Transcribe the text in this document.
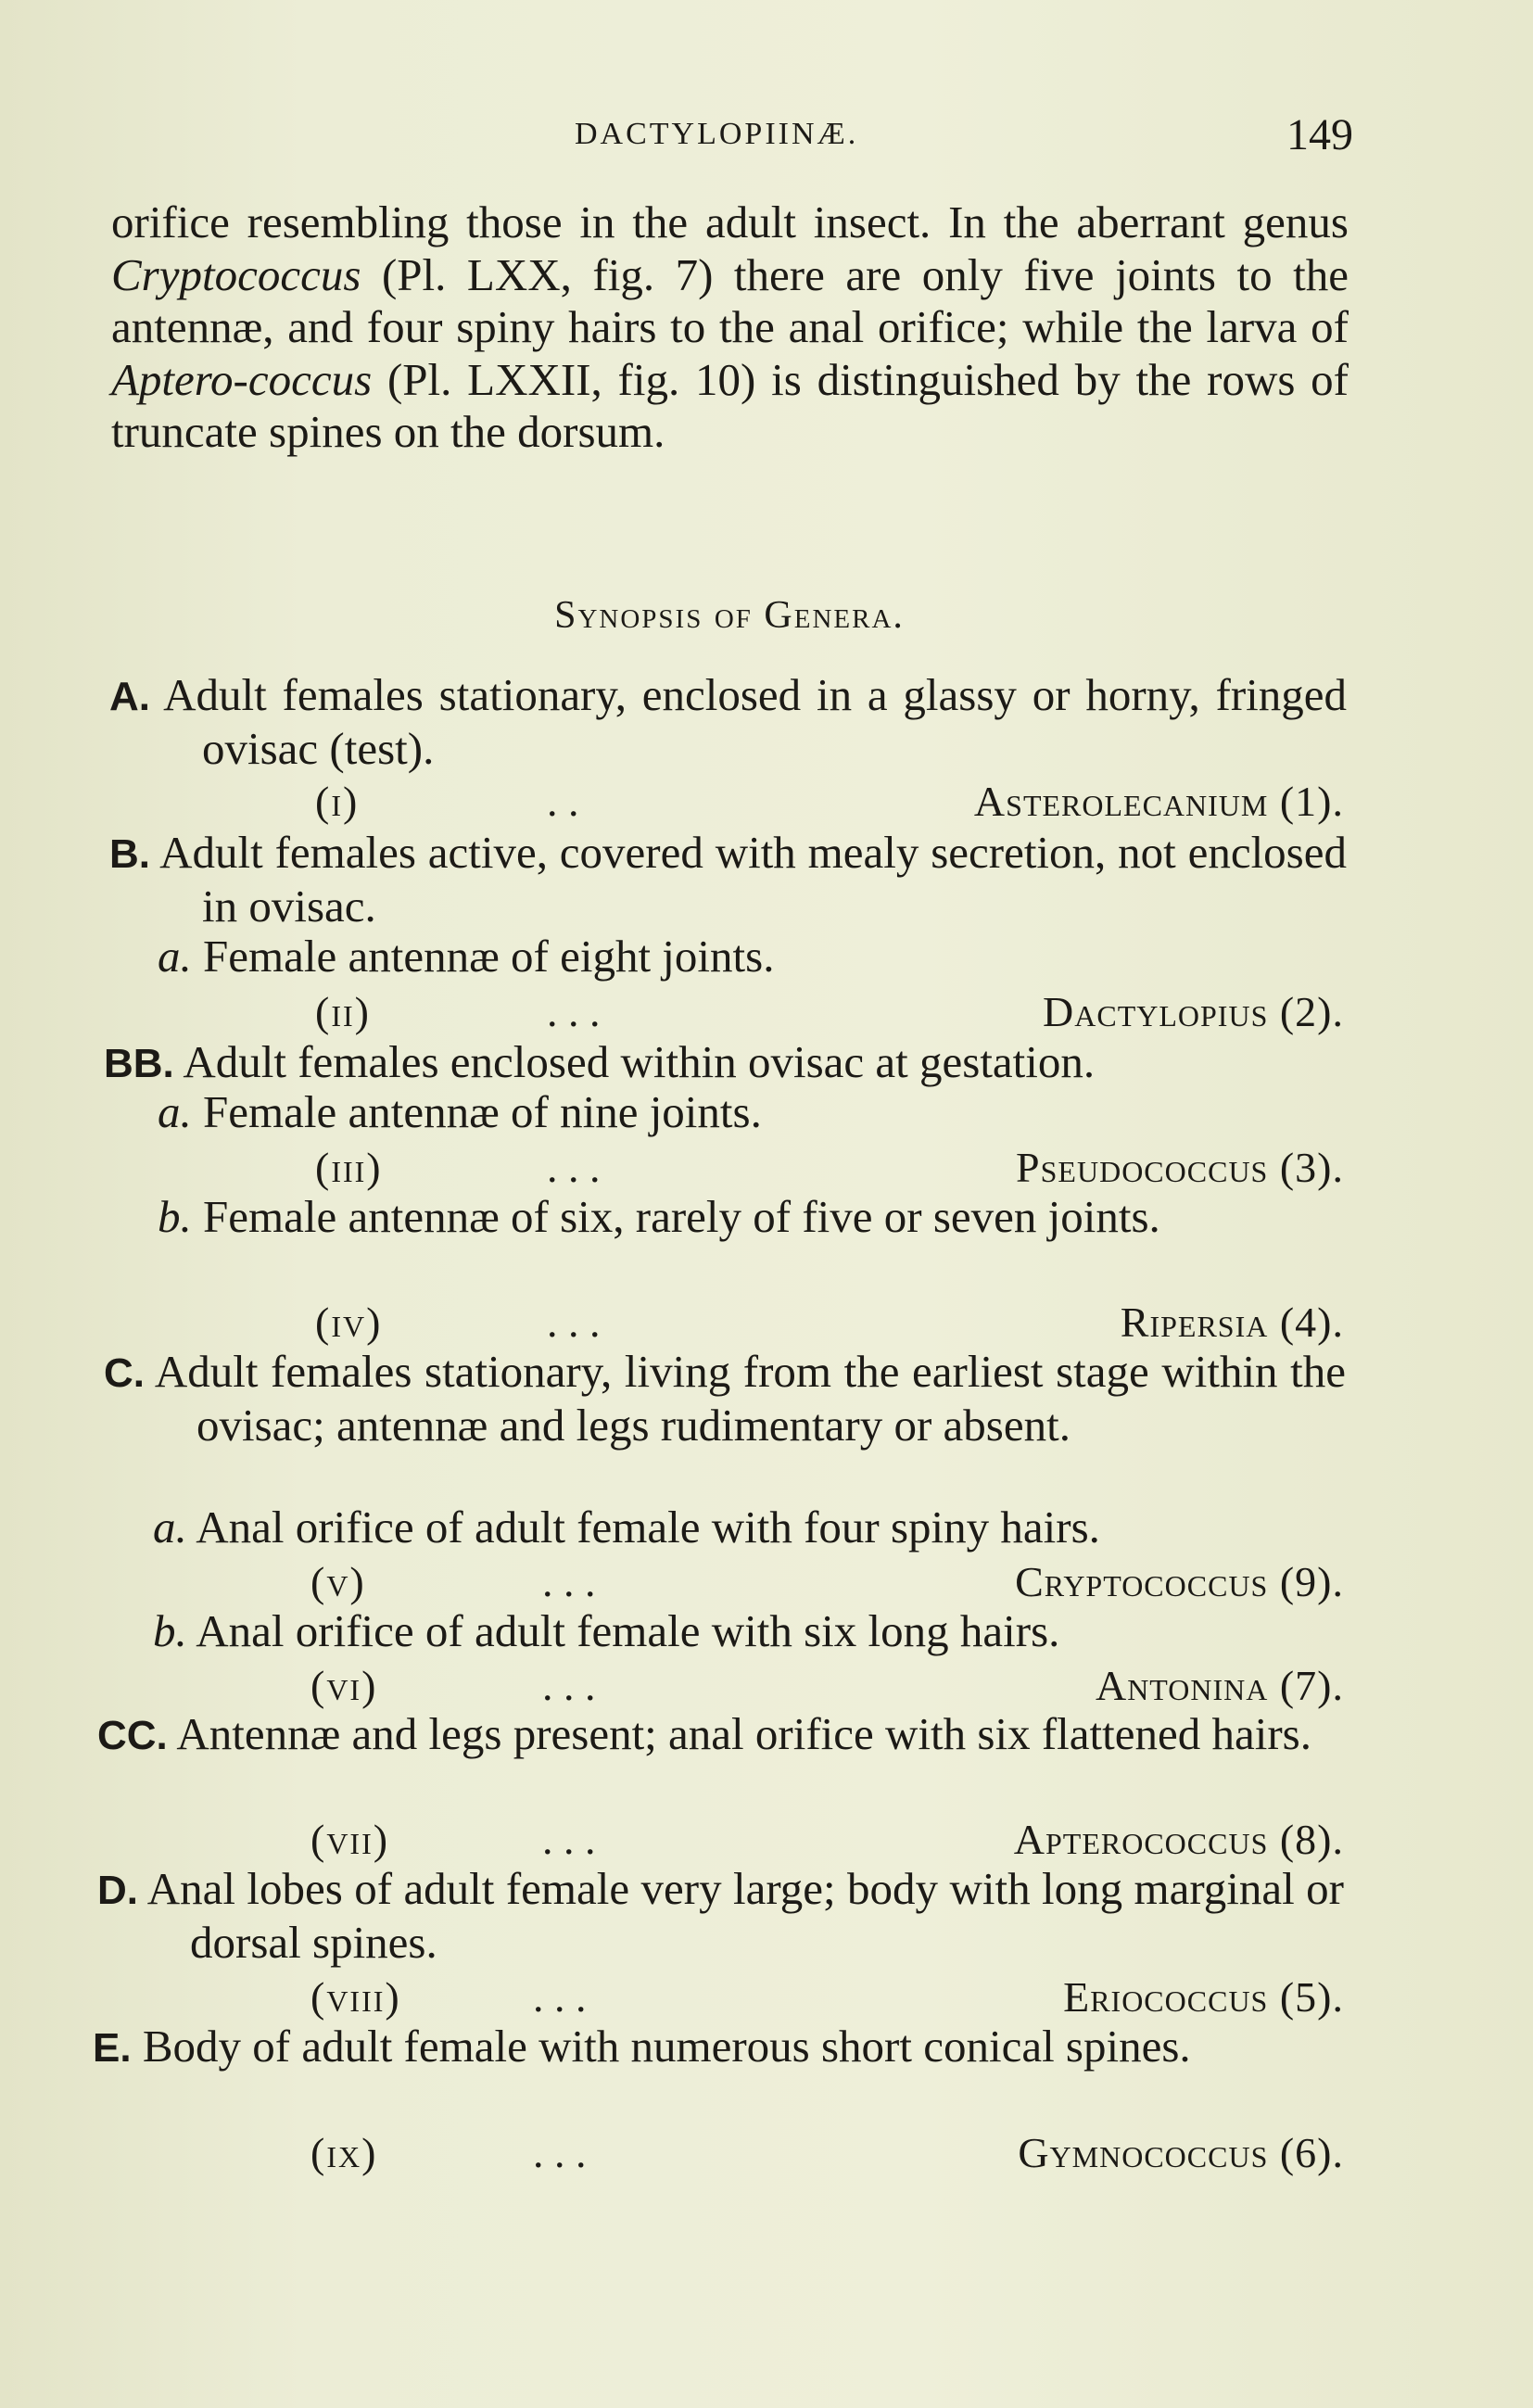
DACTYLOPIINÆ.	149

orifice resembling those in the adult insect. In the aberrant genus Cryptococcus (Pl. LXX, fig. 7) there are only five joints to the antennæ, and four spiny hairs to the anal orifice; while the larva of Aptero-coccus (Pl. LXXII, fig. 10) is distinguished by the rows of truncate spines on the dorsum.

Synopsis of Genera.
A. Adult females stationary, enclosed in a glassy or horny, fringed ovisac (test).
(i)	. .	Asterolecanium (1).
B. Adult females active, covered with mealy secretion, not enclosed in ovisac.
a. Female antennæ of eight joints.
(ii)	. . .	Dactylopius (2).
BB. Adult females enclosed within ovisac at gestation.
a. Female antennæ of nine joints.
(iii)	. . .	Pseudococcus (3).
b. Female antennæ of six, rarely of five or seven joints.
(iv)	. . .	Ripersia (4).
C. Adult females stationary, living from the earliest stage within the ovisac; antennæ and legs rudimentary or absent.
a. Anal orifice of adult female with four spiny hairs.
(v)	. . .	Cryptococcus (9).
b. Anal orifice of adult female with six long hairs.
(vi)	. . .	Antonina (7).
CC. Antennæ and legs present; anal orifice with six flattened hairs.
(vii)	. . .	Apterococcus (8).
D. Anal lobes of adult female very large; body with long marginal or dorsal spines.
(viii)	. . .	Eriococcus (5).
E. Body of adult female with numerous short conical spines.
(ix)	. . .	Gymnococcus (6).
